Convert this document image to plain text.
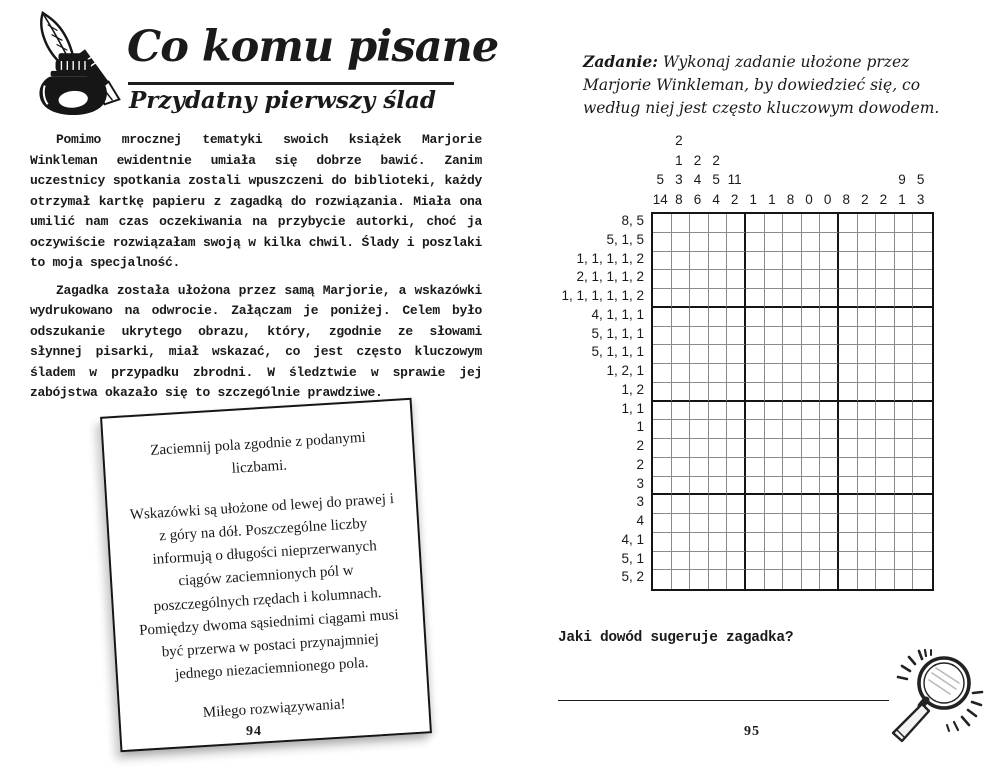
Co komu pisane
Przydatny pierwszy ślad

Pomimo mrocznej tematyki swoich książek Marjorie Winkleman ewidentnie umiała się dobrze bawić. Zanim uczestnicy spotkania zostali wpuszczeni do biblioteki, każdy otrzymał kartkę papieru z zagadką do rozwiązania. Miała ona umilić nam czas oczekiwania na przybycie autorki, choć ja oczywiście rozwiązałam swoją w kilka chwil. Ślady i poszlaki to moja specjalność.

Zagadka została ułożona przez samą Marjorie, a wskazówki wydrukowano na odwrocie. Załączam je poniżej. Celem było odszukanie ukrytego obrazu, który, zgodnie ze słowami słynnej pisarki, miał wskazać, co jest często kluczowym śladem w przypadku zbrodni. W śledztwie w sprawie jej zabójstwa okazało się to szczególnie prawdziwe.

Zaciemnij pola zgodnie z podanymi liczbami.

Wskazówki są ułożone od lewej do prawej i z góry na dół. Poszczególne liczby informują o długości nieprzerwanych ciągów zaciemnionych pól w poszczególnych rzędach i kolumnach. Pomiędzy dwoma sąsiednimi ciągami musi być przerwa w postaci przynajmniej jednego niezaciemnionego pola.

Miłego rozwiązywania!

94
Zadanie: Wykonaj zadanie ułożone przez Marjorie Winkleman, by dowiedzieć się, co według niej jest często kluczowym dowodem.
5
14
2
1
3
8
2
4
6
2
5
4
11
2 1 1 8 0 0 8 2 2
9
1
5
3
8, 5
5, 1, 5
1, 1, 1, 1, 2
2, 1, 1, 1, 2
1, 1, 1, 1, 1, 2
4, 1, 1, 1
5, 1, 1, 1
5, 1, 1, 1
1, 2, 1
1, 2
1, 1
1
2
2
3
3
4
4, 1
5, 1
5, 2
Jaki dowód sugeruje zagadka?
95
